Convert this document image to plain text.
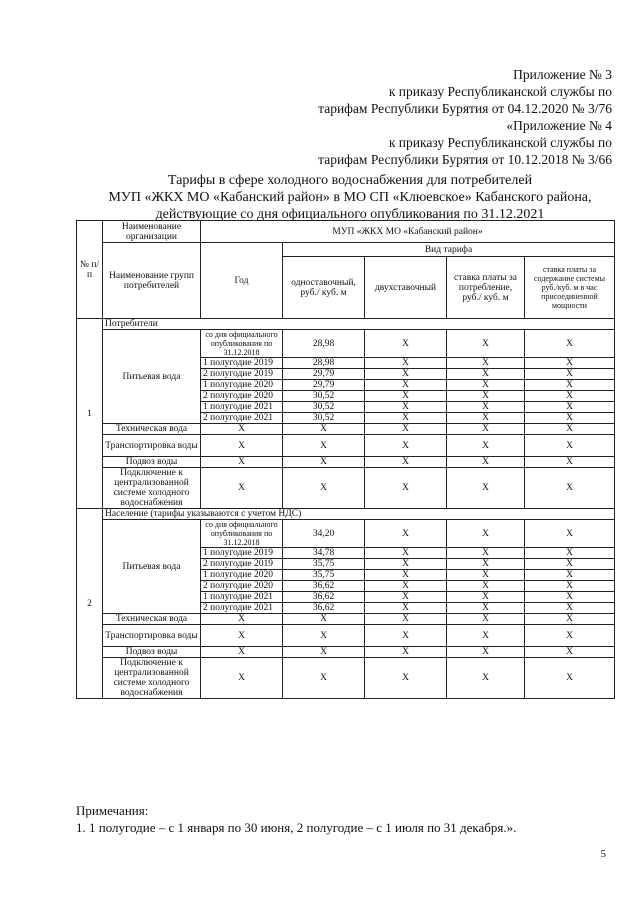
Приложение № 3
к приказу Республиканской службы по
тарифам Республики Бурятия от 04.12.2020 № 3/76
«Приложение № 4
к приказу Республиканской службы по
тарифам Республики Бурятия от 10.12.2018 № 3/66
Тарифы в сфере холодного водоснабжения для потребителей
МУП «ЖКХ МО «Кабанский район» в МО СП «Клюевское» Кабанского района,
действующие со дня официального опубликования по 31.12.2021
№ п/п	Наименование организации	МУП «ЖКХ МО «Кабанский район»				
	Наименование групп потребителей	Год	Вид тарифа			
			одноставочный, руб./ куб. м	двухставочный	ставка платы за потребление, руб./ куб. м	ставка платы за содержание системы руб./куб. м в час присоединенной мощности
1	Потребители					
	Питьевая вода	со дня официального опубликования по 31.12.2018	28,98	X	X	X
		1 полугодие 2019	28,98	X	X	X
		2 полугодие 2019	29,79	X	X	X
		1 полугодие 2020	29,79	X	X	X
		2 полугодие 2020	30,52	X	X	X
		1 полугодие 2021	30,52	X	X	X
		2 полугодие 2021	30,52	X	X	X
	Техническая вода	X	X	X	X	X
	Транспортировка воды	X	X	X	X	X
	Подвоз воды	X	X	X	X	X
	Подключение к централизованной системе холодного водоснабжения	X	X	X	X	X
2	Население (тарифы указываются с учетом НДС)					
	Питьевая вода	со дня официального опубликования по 31.12.2018	34,20	X	X	X
		1 полугодие 2019	34,78	X	X	X
		2 полугодие 2019	35,75	X	X	X
		1 полугодие 2020	35,75	X	X	X
		2 полугодие 2020	36,62	X	X	X
		1 полугодие 2021	36,62	X	X	X
		2 полугодие 2021	36,62	X	X	X
	Техническая вода	X	X	X	X	X
	Транспортировка воды	X	X	X	X	X
	Подвоз воды	X	X	X	X	X
	Подключение к централизованной системе холодного водоснабжения	X	X	X	X	X
Примечания:
1. 1 полугодие – с 1 января по 30 июня, 2 полугодие – с 1 июля по 31 декабря.».
5
